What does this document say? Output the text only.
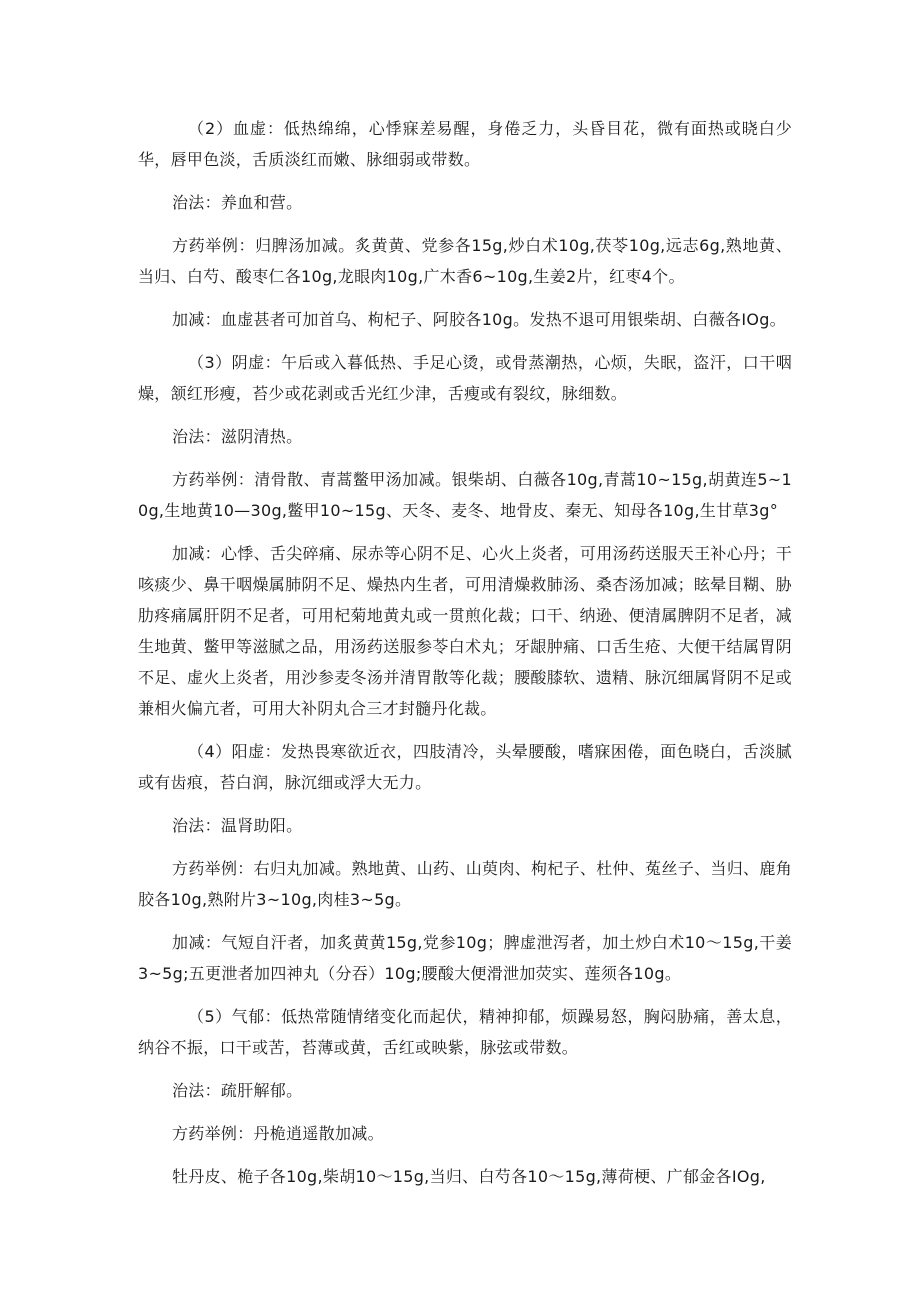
（2）血虚：低热绵绵，心悸寐差易醒，身倦乏力，头昏目花，微有面热或晓白少华，唇甲色淡，舌质淡红而嫩、脉细弱或带数。

治法：养血和营。

方药举例：归脾汤加减。炙黄黄、党参各15g,炒白术10g,茯苓10g,远志6g,熟地黄、当归、白芍、酸枣仁各10g,龙眼肉10g,广木香6~10g,生姜2片，红枣4个。

加减：血虚甚者可加首乌、枸杞子、阿胶各10g。发热不退可用银柴胡、白薇各IOg。

（3）阴虚：午后或入暮低热、手足心烫，或骨蒸潮热，心烦，失眠，盗汗，口干咽燥，颔红形瘦，苔少或花剥或舌光红少津，舌瘦或有裂纹，脉细数。

治法：滋阴清热。

方药举例：清骨散、青蒿鳖甲汤加减。银柴胡、白薇各10g,青蒿10~15g,胡黄连5~10g,生地黄10—30g,鳖甲10~15g、天冬、麦冬、地骨皮、秦无、知母各10g,生甘草3g°

加减：心悸、舌尖碎痛、尿赤等心阴不足、心火上炎者，可用汤药送服天王补心丹；干咳痰少、鼻干咽燥属肺阴不足、燥热内生者，可用清燥救肺汤、桑杏汤加减；眩晕目糊、胁肋疼痛属肝阴不足者，可用杞菊地黄丸或一贯煎化裁；口干、纳逊、便清属脾阴不足者，减生地黄、鳖甲等滋腻之品，用汤药送服参苓白术丸；牙龈肿痛、口舌生疮、大便干结属胃阴不足、虚火上炎者，用沙参麦冬汤并清胃散等化裁；腰酸膝软、遗精、脉沉细属肾阴不足或兼相火偏亢者，可用大补阴丸合三才封髓丹化裁。

（4）阳虚：发热畏寒欲近衣，四肢清冷，头晕腰酸，嗜寐困倦，面色晓白，舌淡腻或有齿痕，苔白润，脉沉细或浮大无力。

治法：温肾助阳。

方药举例：右归丸加减。熟地黄、山药、山萸肉、枸杞子、杜仲、菟丝子、当归、鹿角胶各10g,熟附片3~10g,肉桂3~5g。

加减：气短自汗者，加炙黄黄15g,党参10g；脾虚泄泻者，加土炒白术10～15g,干姜3~5g;五更泄者加四神丸（分吞）10g;腰酸大便滑泄加荧实、莲须各10g。

（5）气郁：低热常随情绪变化而起伏，精神抑郁，烦躁易怒，胸闷胁痛，善太息，纳谷不振，口干或苦，苔薄或黄，舌红或映紫，脉弦或带数。

治法：疏肝解郁。

方药举例：丹桅逍遥散加减。

牡丹皮、桅子各10g,柴胡10～15g,当归、白芍各10～15g,薄荷梗、广郁金各IOg,
